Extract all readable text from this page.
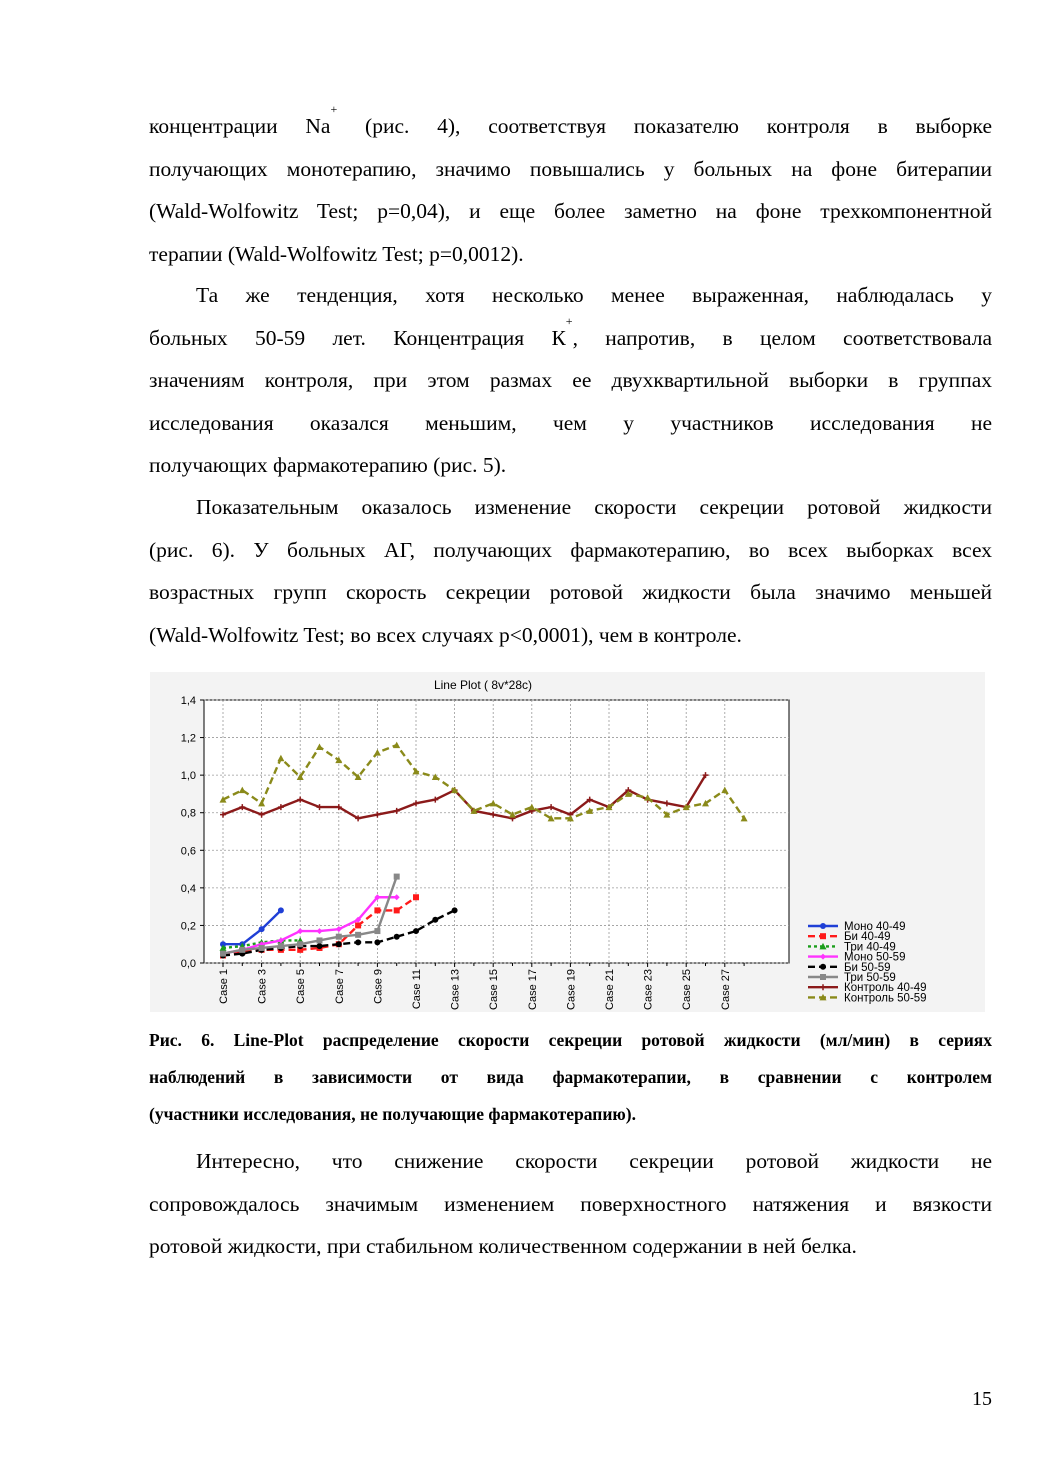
концентрации Na+ (рис. 4), соответствуя показателю контроля в выборке
получающих монотерапию, значимо повышались у больных на фоне битерапии
(Wald-Wolfowitz Test; p=0,04), и еще более заметно на фоне трехкомпонентной
терапии (Wald-Wolfowitz Test; p=0,0012).
Та же тенденция, хотя несколько менее выраженная, наблюдалась у
больных 50-59 лет. Концентрация К+, напротив, в целом соответствовала
значениям контроля, при этом размах ее двухквартильной выборки в группах
исследования оказался меньшим, чем у участников исследования не
получающих фармакотерапию (рис. 5).
Показательным оказалось изменение скорости секреции ротовой жидкости
(рис. 6). У больных АГ, получающих фармакотерапию, во всех выборках всех
возрастных групп скорость секреции ротовой жидкости была значимо меньшей
(Wald-Wolfowitz Test; во всех случаях p<0,0001), чем в контроле.
Line Plot ( 8v*28c)
0,0
0,2
0,4
0,6
0,8
1,0
1,2
1,4
Case 1 Case 3 Case 5 Case 7 Case 9 Case 11 Case 13 Case 15 Case 17 Case 19 Case 21 Case 23 Case 25 Case 27
Моно 40-49
Би 40-49
Три 40-49
Моно 50-59
Би 50-59
Три 50-59
Контроль 40-49
Контроль 50-59
Рис. 6. Line-Plot распределение скорости секреции ротовой жидкости (мл/мин) в сериях
наблюдений в зависимости от вида фармакотерапии, в сравнении с контролем
(участники исследования, не получающие фармакотерапию).
Интересно, что снижение скорости секреции ротовой жидкости не
сопровождалось значимым изменением поверхностного натяжения и вязкости
ротовой жидкости, при стабильном количественном содержании в ней белка.
15
